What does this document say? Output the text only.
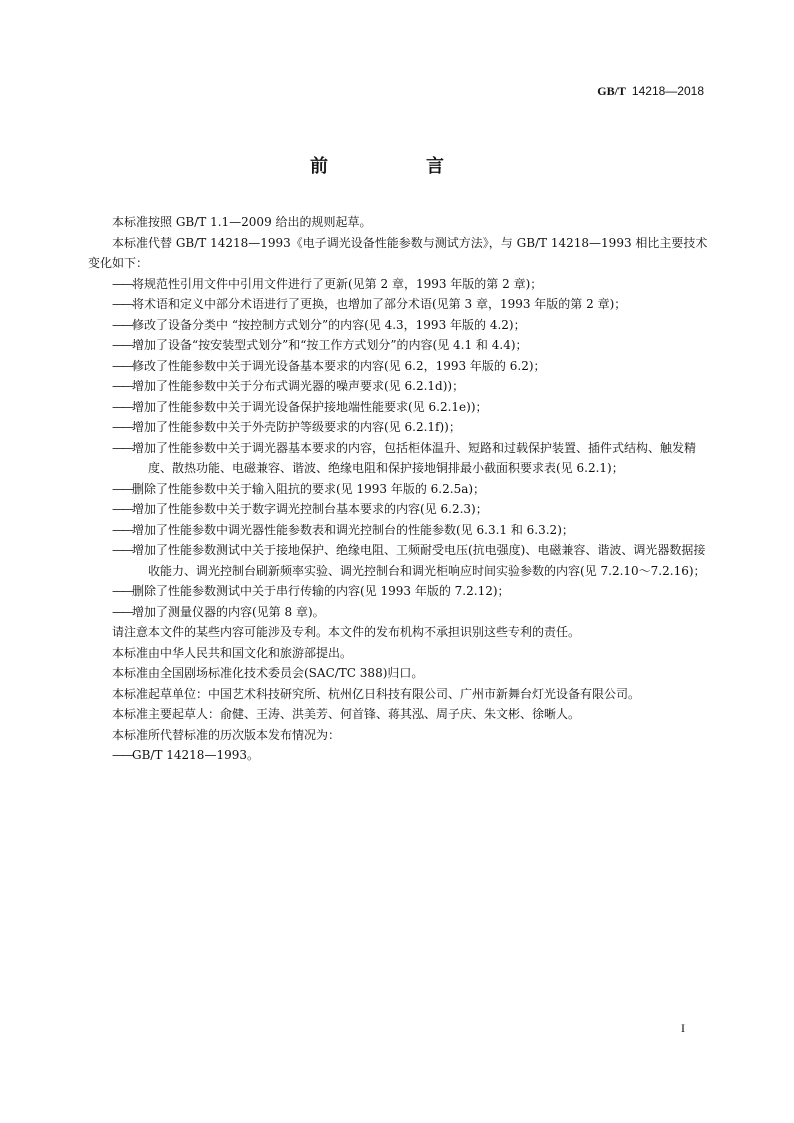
GB/T 14218—2018
前　言

本标准按照 GB/T 1.1—2009 给出的规则起草。

本标准代替 GB/T 14218—1993《电子调光设备性能参数与测试方法》，与 GB/T 14218—1993 相比主要技术变化如下：

——将规范性引用文件中引用文件进行了更新(见第 2 章，1993 年版的第 2 章)；

——将术语和定义中部分术语进行了更换，也增加了部分术语(见第 3 章，1993 年版的第 2 章)；

——修改了设备分类中 “按控制方式划分”的内容(见 4.3，1993 年版的 4.2)；

——增加了设备“按安装型式划分”和“按工作方式划分”的内容(见 4.1 和 4.4)；

——修改了性能参数中关于调光设备基本要求的内容(见 6.2，1993 年版的 6.2)；

——增加了性能参数中关于分布式调光器的噪声要求(见 6.2.1d))；

——增加了性能参数中关于调光设备保护接地端性能要求(见 6.2.1e))；

——增加了性能参数中关于外壳防护等级要求的内容(见 6.2.1f))；

——增加了性能参数中关于调光器基本要求的内容，包括柜体温升、短路和过载保护装置、插件式结构、触发精度、散热功能、电磁兼容、谐波、绝缘电阻和保护接地铜排最小截面积要求表(见 6.2.1)；

——删除了性能参数中关于输入阻抗的要求(见 1993 年版的 6.2.5a)；

——增加了性能参数中关于数字调光控制台基本要求的内容(见 6.2.3)；

——增加了性能参数中调光器性能参数表和调光控制台的性能参数(见 6.3.1 和 6.3.2)；

——增加了性能参数测试中关于接地保护、绝缘电阻、工频耐受电压(抗电强度)、电磁兼容、谐波、调光器数据接收能力、调光控制台刷新频率实验、调光控制台和调光柜响应时间实验参数的内容(见 7.2.10～7.2.16)；

——删除了性能参数测试中关于串行传输的内容(见 1993 年版的 7.2.12)；

——增加了测量仪器的内容(见第 8 章)。

请注意本文件的某些内容可能涉及专利。本文件的发布机构不承担识别这些专利的责任。

本标准由中华人民共和国文化和旅游部提出。

本标准由全国剧场标准化技术委员会(SAC/TC 388)归口。

本标准起草单位：中国艺术科技研究所、杭州亿日科技有限公司、广州市新舞台灯光设备有限公司。

本标准主要起草人：俞健、王涛、洪美芳、何首锋、蒋其泓、周子庆、朱文彬、徐晰人。

本标准所代替标准的历次版本发布情况为：

——GB/T 14218—1993。

I
